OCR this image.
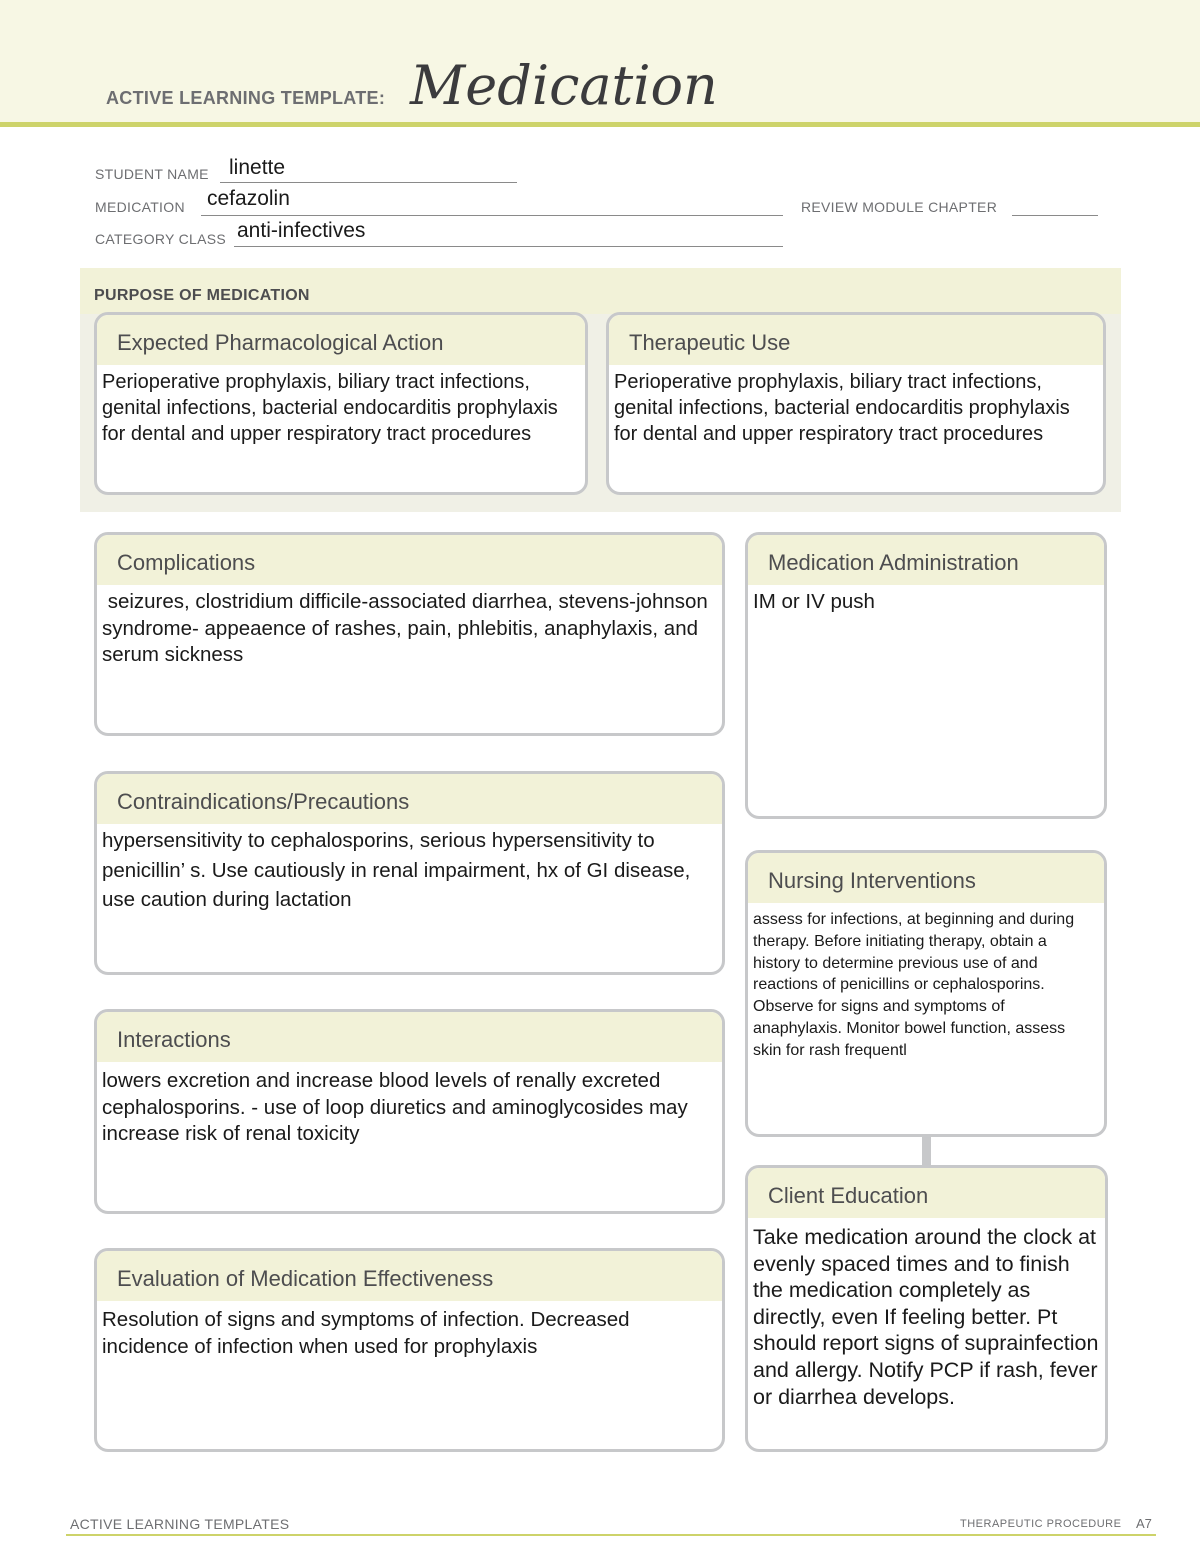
ACTIVE LEARNING TEMPLATE: Medication
STUDENT NAME linette
MEDICATION cefazolin	REVIEW MODULE CHAPTER
CATEGORY CLASS anti-infectives
PURPOSE OF MEDICATION
Expected Pharmacological Action
Perioperative prophylaxis, biliary tract infections, genital infections, bacterial endocarditis prophylaxis for dental and upper respiratory tract procedures
Therapeutic Use
Perioperative prophylaxis, biliary tract infections, genital infections, bacterial endocarditis prophylaxis for dental and upper respiratory tract procedures
Complications
seizures, clostridium difficile-associated diarrhea, stevens-johnson syndrome- appeaence of rashes, pain, phlebitis, anaphylaxis, and serum sickness
Contraindications/Precautions
hypersensitivity to cephalosporins, serious hypersensitivity to penicillin’ s. Use cautiously in renal impairment, hx of GI disease, use caution during lactation
Interactions
lowers excretion and increase blood levels of renally excreted cephalosporins. - use of loop diuretics and aminoglycosides may increase risk of renal toxicity
Evaluation of Medication Effectiveness
Resolution of signs and symptoms of infection. Decreased incidence of infection when used for prophylaxis
Medication Administration
IM or IV push
Nursing Interventions
assess for infections, at beginning and during therapy. Before initiating therapy, obtain a history to determine previous use of and reactions of penicillins or cephalosporins. Observe for signs and symptoms of anaphylaxis. Monitor bowel function, assess skin for rash frequentl
Client Education
Take medication around the clock at evenly spaced times and to finish the medication completely as directly, even If feeling better. Pt should report signs of suprainfection and allergy. Notify PCP if rash, fever or diarrhea develops.
ACTIVE LEARNING TEMPLATES	THERAPEUTIC PROCEDURE A7
